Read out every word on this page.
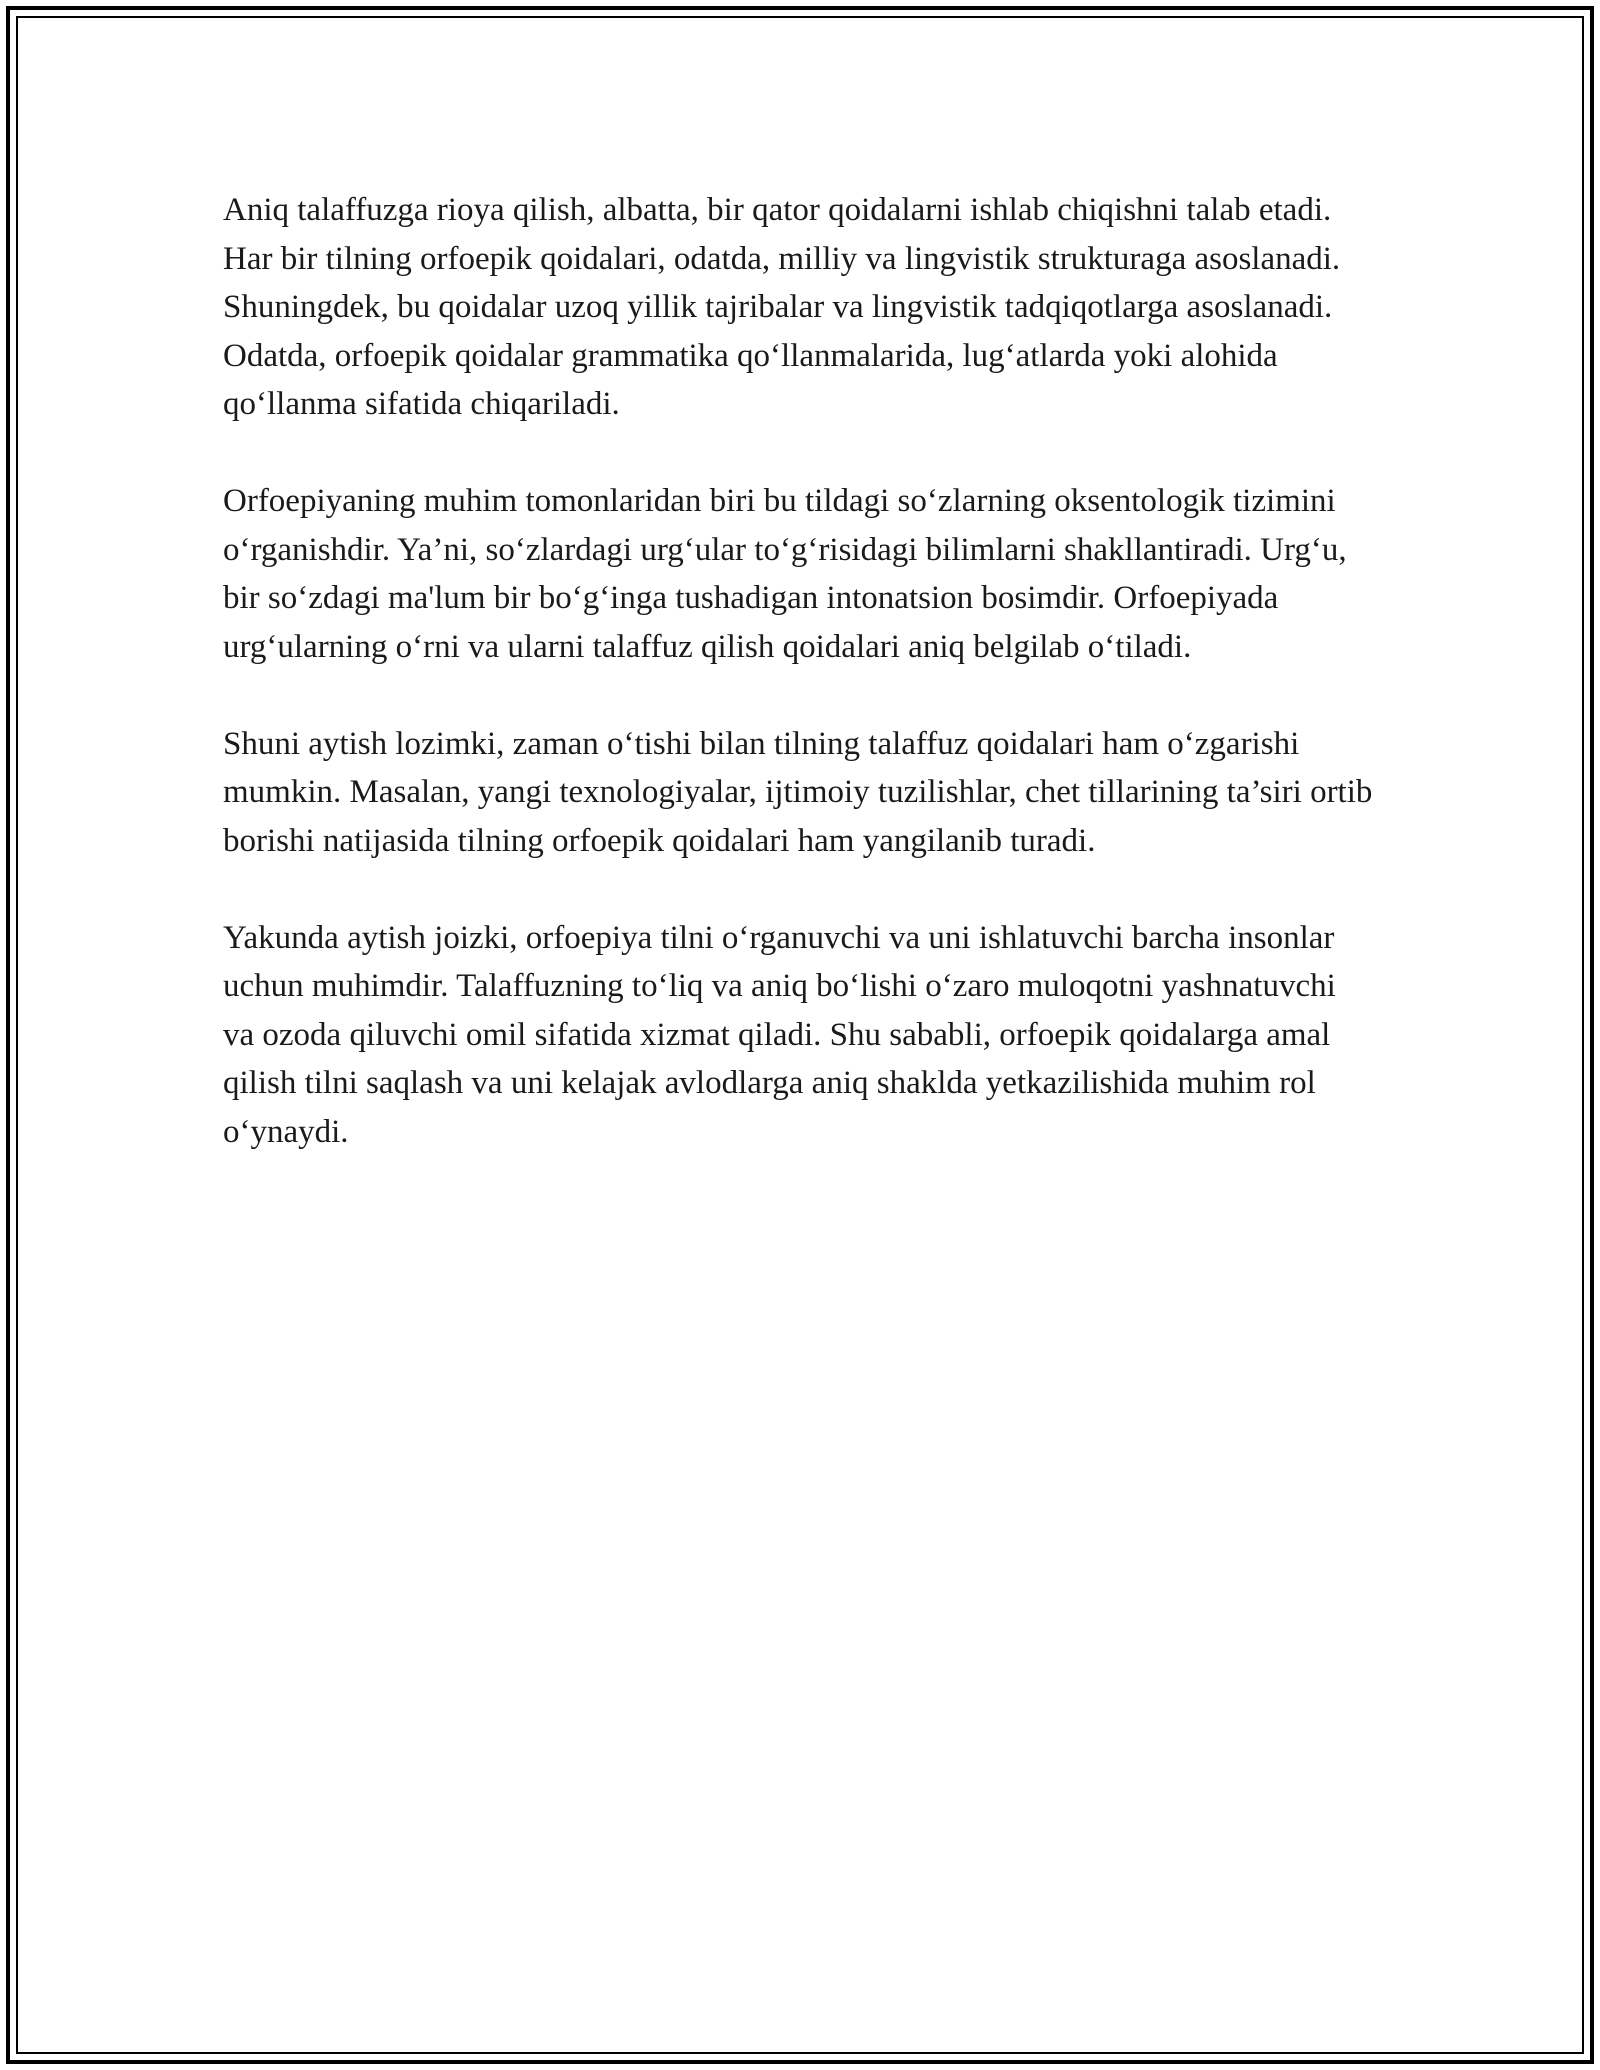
Aniq talaffuzga rioya qilish, albatta, bir qator qoidalarni ishlab chiqishni talab etadi. Har bir tilning orfoepik qoidalari, odatda, milliy va lingvistik strukturaga asoslanadi. Shuningdek, bu qoidalar uzoq yillik tajribalar va lingvistik tadqiqotlarga asoslanadi. Odatda, orfoepik qoidalar grammatika qo‘llanmalarida, lug‘atlarda yoki alohida qo‘llanma sifatida chiqariladi.

Orfoepiyaning muhim tomonlaridan biri bu tildagi so‘zlarning oksentologik tizimini o‘rganishdir. Ya’ni, so‘zlardagi urg‘ular to‘g‘risidagi bilimlarni shakllantiradi. Urg‘u, bir so‘zdagi ma'lum bir bo‘g‘inga tushadigan intonatsion bosimdir. Orfoepiyada urg‘ularning o‘rni va ularni talaffuz qilish qoidalari aniq belgilab o‘tiladi.

Shuni aytish lozimki, zaman o‘tishi bilan tilning talaffuz qoidalari ham o‘zgarishi mumkin. Masalan, yangi texnologiyalar, ijtimoiy tuzilishlar, chet tillarining ta’siri ortib borishi natijasida tilning orfoepik qoidalari ham yangilanib turadi.

Yakunda aytish joizki, orfoepiya tilni o‘rganuvchi va uni ishlatuvchi barcha insonlar uchun muhimdir. Talaffuzning to‘liq va aniq bo‘lishi o‘zaro muloqotni yashnatuvchi va ozoda qiluvchi omil sifatida xizmat qiladi. Shu sababli, orfoepik qoidalarga amal qilish tilni saqlash va uni kelajak avlodlarga aniq shaklda yetkazilishida muhim rol o‘ynaydi.
